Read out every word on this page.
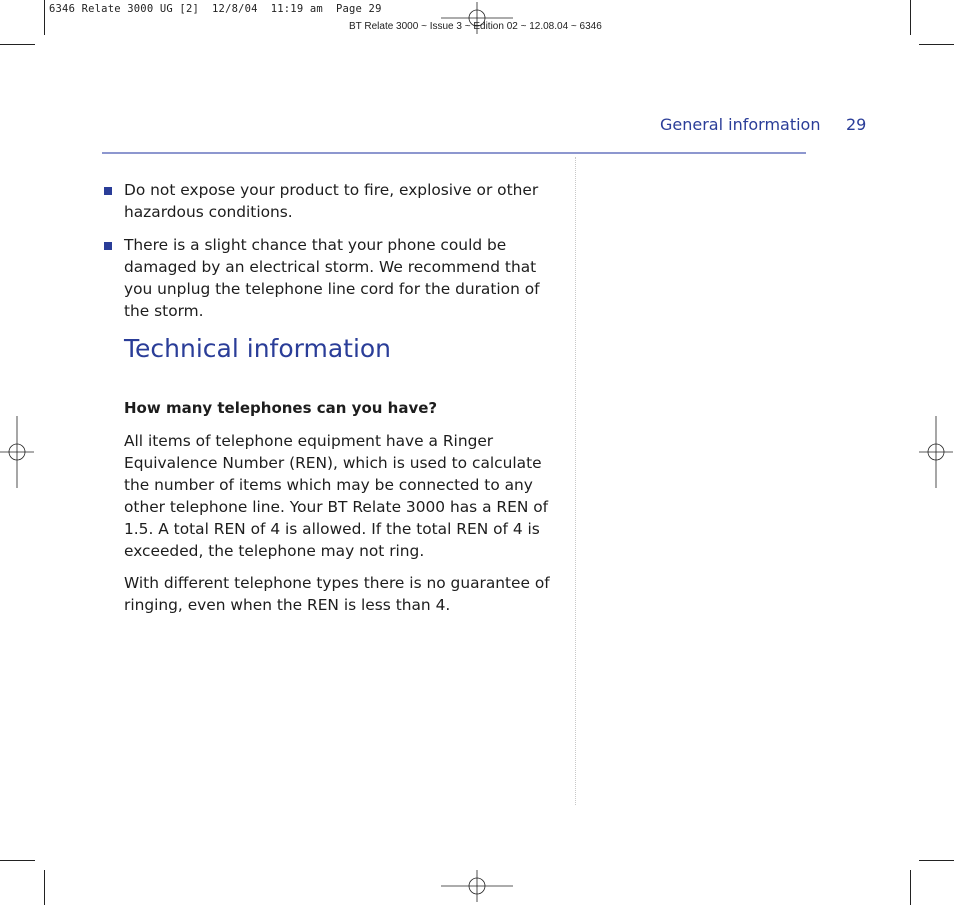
6346 Relate 3000 UG [2]  12/8/04  11:19 am  Page 29
BT Relate 3000 ~ Issue 3 ~ Edition 02 ~ 12.08.04 ~ 6346
General information 29
Do not expose your product to fire, explosive or other hazardous conditions.
There is a slight chance that your phone could be damaged by an electrical storm. We recommend that you unplug the telephone line cord for the duration of the storm.
Technical information
How many telephones can you have?

All items of telephone equipment have a Ringer Equivalence Number (REN), which is used to calculate the number of items which may be connected to any other telephone line. Your BT Relate 3000 has a REN of 1.5. A total REN of 4 is allowed. If the total REN of 4 is exceeded, the telephone may not ring.

With different telephone types there is no guarantee of ringing, even when the REN is less than 4.
